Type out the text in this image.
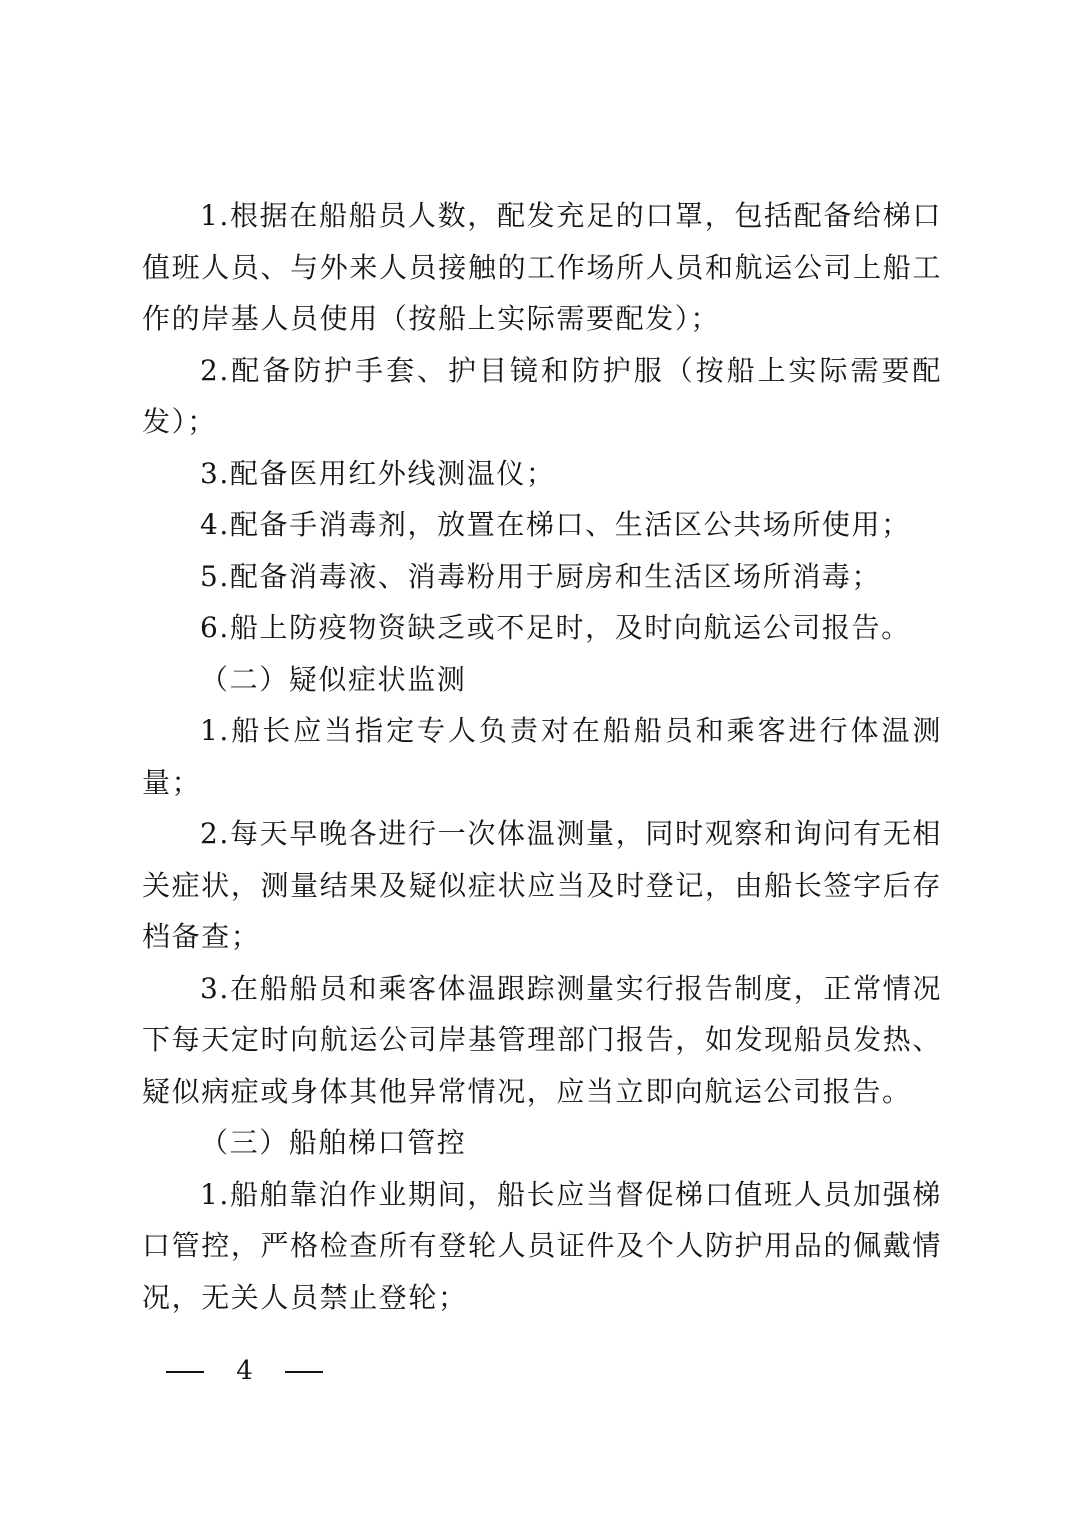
1.根据在船船员人数，配发充足的口罩，包括配备给梯口值班人员、与外来人员接触的工作场所人员和航运公司上船工作的岸基人员使用（按船上实际需要配发）；

2.配备防护手套、护目镜和防护服（按船上实际需要配发）；

3.配备医用红外线测温仪；

4.配备手消毒剂，放置在梯口、生活区公共场所使用；

5.配备消毒液、消毒粉用于厨房和生活区场所消毒；

6.船上防疫物资缺乏或不足时，及时向航运公司报告。

（二）疑似症状监测

1.船长应当指定专人负责对在船船员和乘客进行体温测量；

2.每天早晚各进行一次体温测量，同时观察和询问有无相关症状，测量结果及疑似症状应当及时登记，由船长签字后存档备查；

3.在船船员和乘客体温跟踪测量实行报告制度，正常情况下每天定时向航运公司岸基管理部门报告，如发现船员发热、疑似病症或身体其他异常情况，应当立即向航运公司报告。

（三）船舶梯口管控

1.船舶靠泊作业期间，船长应当督促梯口值班人员加强梯口管控，严格检查所有登轮人员证件及个人防护用品的佩戴情况，无关人员禁止登轮；

4
